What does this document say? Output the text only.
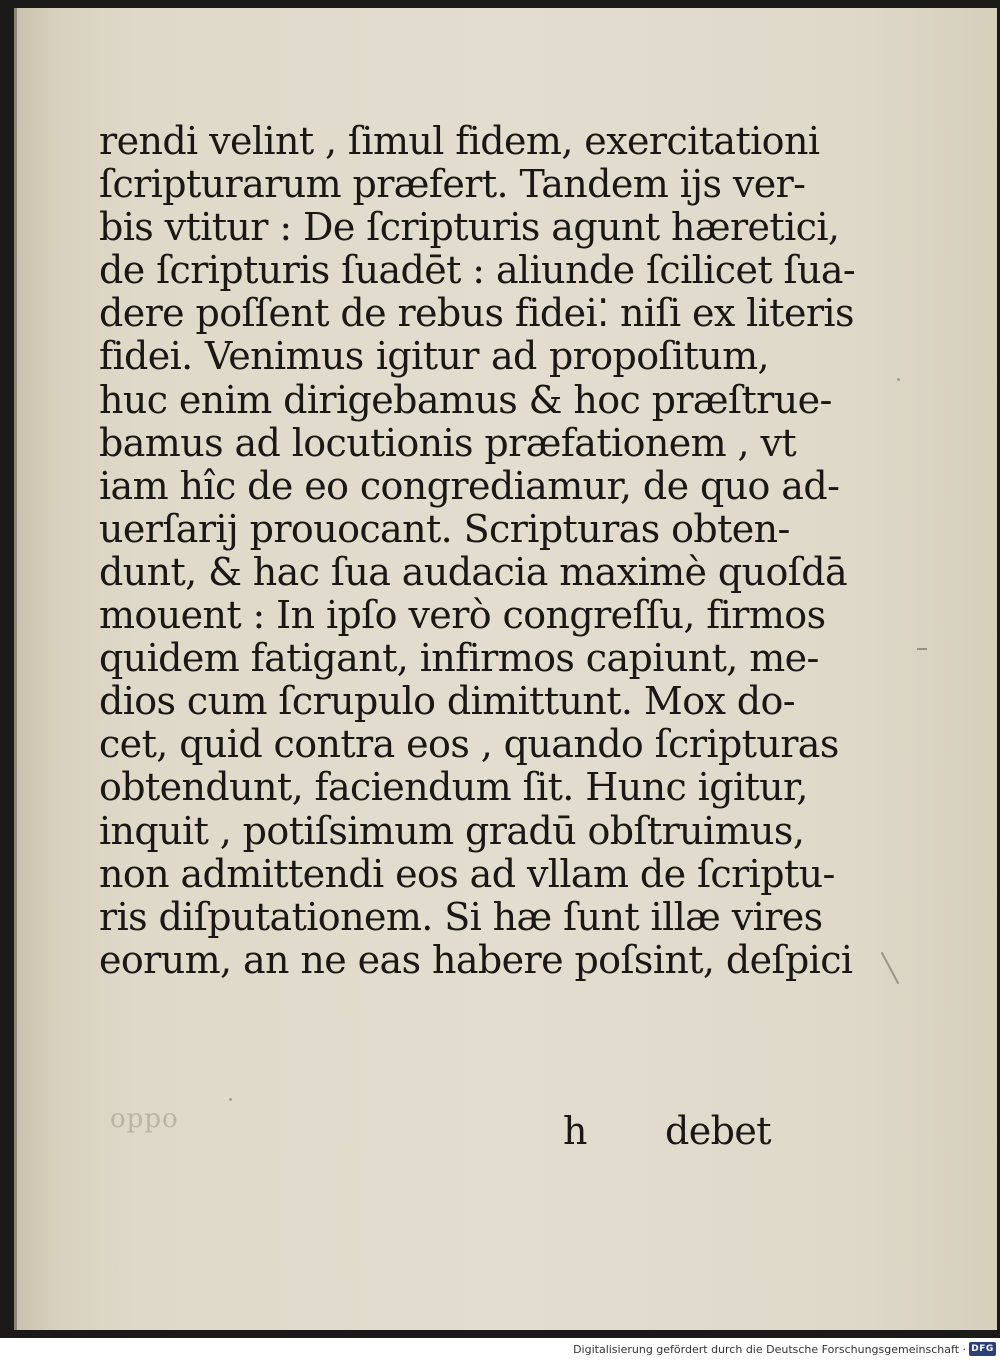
rendi velint , ſimul fidem, exercitationi
ſcripturarum præfert. Tandem ijs ver-
bis vtitur : De ſcripturis agunt hæretici,
de ſcripturis ſuadēt : aliunde ſcilicet ſua-
dere poſſent de rebus fidei⁚ niſi ex literis
fidei. Venimus igitur ad propoſitum,
huc enim dirigebamus & hoc præſtrue-
bamus ad locutionis præfationem , vt
iam hîc de eo congrediamur, de quo ad-
uerſarij prouocant. Scripturas obten-
dunt, & hac ſua audacia maximè quoſdā
mouent : In ipſo verò congreſſu, firmos
quidem fatigant, infirmos capiunt, me-
dios cum ſcrupulo dimittunt. Mox do-
cet, quid contra eos , quando ſcripturas
obtendunt, faciendum ſit. Hunc igitur,
inquit , potiſsimum gradū obſtruimus,
non admittendi eos ad vllam de ſcriptu-
ris diſputationem. Si hæ ſunt illæ vires
eorum, an ne eas habere poſsint, deſpici
oqqo	h debet
Digitalisierung gefördert durch die Deutsche Forschungsgemeinschaft · DFG
